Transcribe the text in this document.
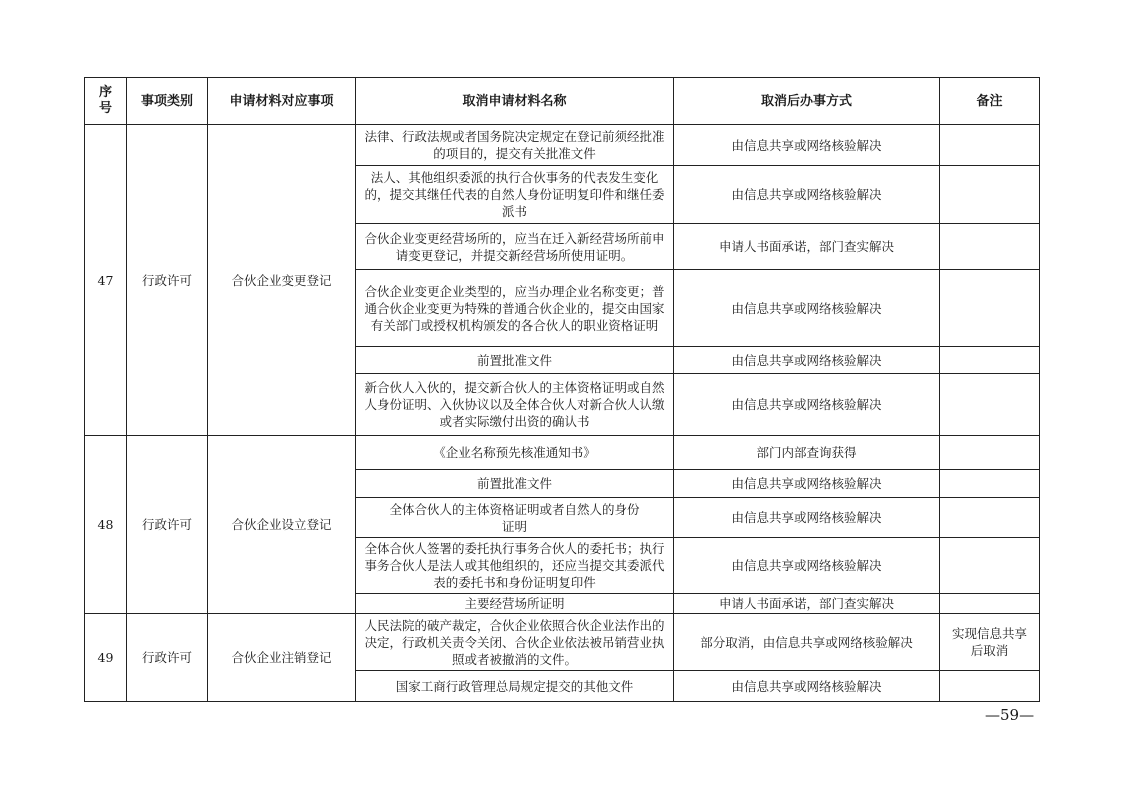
序号	事项类别	申请材料对应事项	取消申请材料名称	取消后办事方式	备注
47	行政许可	合伙企业变更登记	法律、行政法规或者国务院决定规定在登记前须经批准的项目的，提交有关批准文件	由信息共享或网络核验解决	
			法人、其他组织委派的执行合伙事务的代表发生变化的，提交其继任代表的自然人身份证明复印件和继任委派书	由信息共享或网络核验解决	
			合伙企业变更经营场所的，应当在迁入新经营场所前申请变更登记，并提交新经营场所使用证明。	申请人书面承诺，部门查实解决	
			合伙企业变更企业类型的，应当办理企业名称变更；普通合伙企业变更为特殊的普通合伙企业的，提交由国家有关部门或授权机构颁发的各合伙人的职业资格证明	由信息共享或网络核验解决	
			前置批准文件	由信息共享或网络核验解决	
			新合伙人入伙的，提交新合伙人的主体资格证明或自然人身份证明、入伙协议以及全体合伙人对新合伙人认缴或者实际缴付出资的确认书	由信息共享或网络核验解决	
48	行政许可	合伙企业设立登记	《企业名称预先核准通知书》	部门内部查询获得	
			前置批准文件	由信息共享或网络核验解决	
			全体合伙人的主体资格证明或者自然人的身份证明	由信息共享或网络核验解决	
			全体合伙人签署的委托执行事务合伙人的委托书；执行事务合伙人是法人或其他组织的，还应当提交其委派代表的委托书和身份证明复印件	由信息共享或网络核验解决	
			主要经营场所证明	申请人书面承诺，部门查实解决	
49	行政许可	合伙企业注销登记	人民法院的破产裁定，合伙企业依照合伙企业法作出的决定，行政机关责令关闭、合伙企业依法被吊销营业执照或者被撤消的文件。	部分取消，由信息共享或网络核验解决	实现信息共享后取消
			国家工商行政管理总局规定提交的其他文件	由信息共享或网络核验解决	
—59—
